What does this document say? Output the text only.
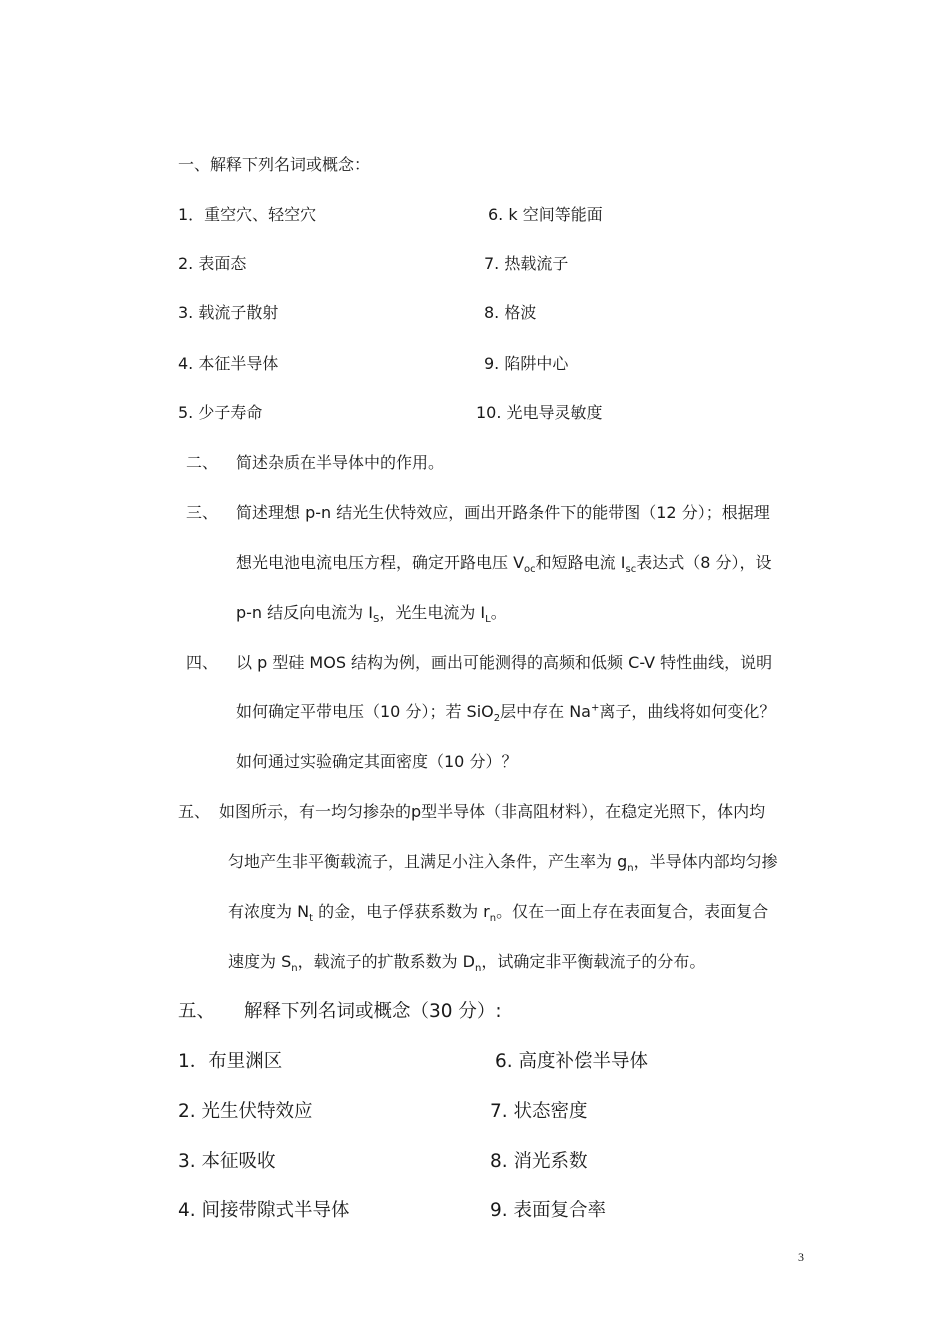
一、解释下列名词或概念：
1．重空穴、轻空穴	6. k 空间等能面
2. 表面态	7. 热载流子
3. 载流子散射	8. 格波
4. 本征半导体	9. 陷阱中心
5. 少子寿命	10. 光电导灵敏度
二、 简述杂质在半导体中的作用。
三、 简述理想 p-n 结光生伏特效应，画出开路条件下的能带图（12 分）；根据理
想光电池电流电压方程，确定开路电压 $V_{oc}$和短路电流 $I_{sc}$表达式（8 分），设
p-n 结反向电流为 $I_S$，光生电流为 $I_L$。
四、 以 p 型硅 MOS 结构为例，画出可能测得的高频和低频 C-V 特性曲线，说明
如何确定平带电压（10 分）；若 SiO$_2$层中存在 Na+离子，曲线将如何变化？
如何通过实验确定其面密度（10 分）？
五、 如图所示，有一均匀掺杂的p型半导体（非高阻材料），在稳定光照下，体内均
匀地产生非平衡载流子，且满足小注入条件，产生率为 $g_n$，半导体内部均匀掺
有浓度为 $N_t$ 的金，电子俘获系数为 $r_n$。仅在一面上存在表面复合，表面复合
速度为 $S_n$，载流子的扩散系数为 $D_n$，试确定非平衡载流子的分布。
五、 解释下列名词或概念（30 分）:
1．布里渊区	6. 高度补偿半导体
2. 光生伏特效应	7. 状态密度
3. 本征吸收	8. 消光系数
4. 间接带隙式半导体	9. 表面复合率
3
